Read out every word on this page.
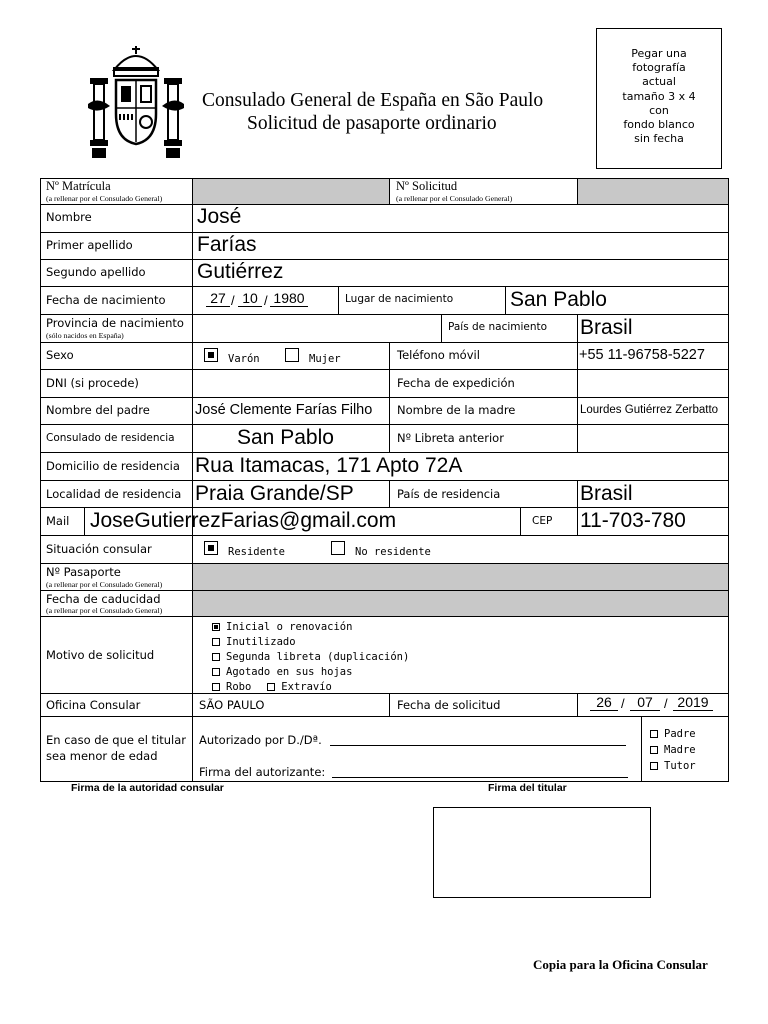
Consulado General de España en São Paulo
Solicitud de pasaporte ordinario
Pegar una
fotografía
actual
tamaño 3 x 4
con
fondo blanco
sin fecha
Nº Matrícula
(a rellenar por el Consulado General)
Nº Solicitud
(a rellenar por el Consulado General)
Nombre	José
Primer apellido	Farías
Segundo apellido Gutiérrez
Fecha de nacimiento	27 / 10 / 1980	Lugar de nacimiento	San Pablo
Provincia de nacimiento
(sólo nacidos en España)
País de nacimiento Brasil
Sexo	Varón	Mujer	Teléfono móvil	+55 11-96758-5227
DNI (si procede)	Fecha de expedición
Nombre del padre	José Clemente Farías Filho Nombre de la madre	Lourdes Gutiérrez Zerbatto
Consulado de residencia	San Pablo	Nº Libreta anterior
Domicilio de residencia Rua Itamacas, 171 Apto 72A
Localidad de residencia Praia Grande/SP	País de residencia	Brasil
Mail JoseGutierrezFarias@gmail.com	CEP 11-703-780
Situación consular	Residente	No residente
Nº Pasaporte
(a rellenar por el Consulado General)
Fecha de caducidad
(a rellenar por el Consulado General)
Motivo de solicitud
Inicial o renovación
Inutilizado
Segunda libreta (duplicación)
Agotado en sus hojas
Robo	Extravío
Oficina Consular	SÃO PAULO	Fecha de solicitud	26 / 07 / 2019
En caso de que el titular
sea menor de edad
Autorizado por D./Dª.
Firma del autorizante:
Padre
Madre
Tutor
Firma de la autoridad consular	Firma del titular
Copia para la Oficina Consular
